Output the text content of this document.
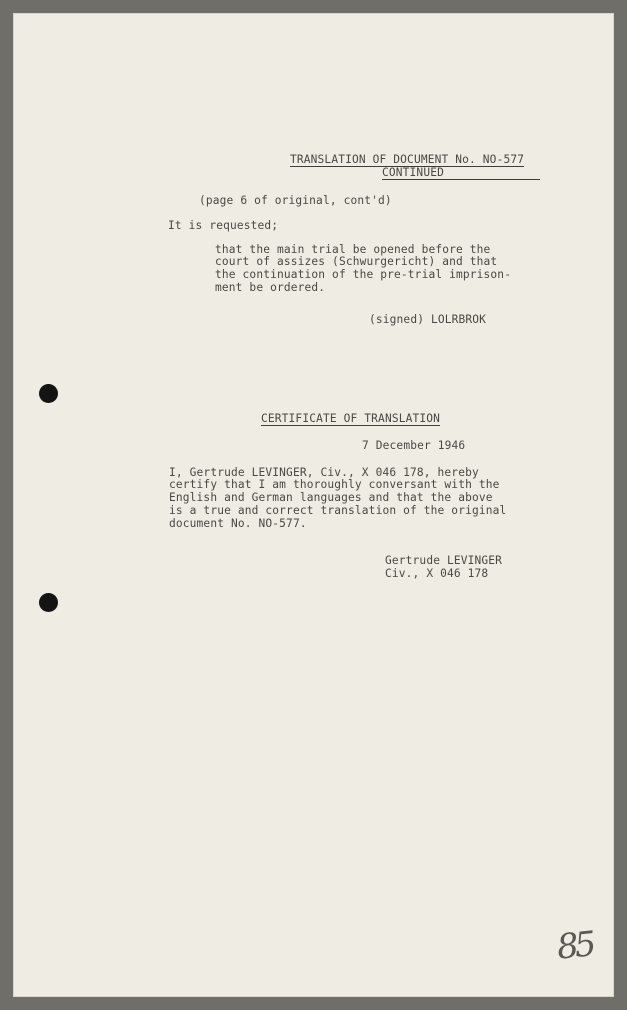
TRANSLATION OF DOCUMENT No. NO-577
CONTINUED
(page 6 of original, cont'd)
It is requested;
that the main trial be opened before the
court of assizes (Schwurgericht) and that
the continuation of the pre-trial imprison-
ment be ordered.
(signed) LOLRBROK
CERTIFICATE OF TRANSLATION
7 December 1946
I, Gertrude LEVINGER, Civ., X 046 178, hereby
certify that I am thoroughly conversant with the
English and German languages and that the above
is a true and correct translation of the original
document No. NO-577.
Gertrude LEVINGER
Civ., X 046 178
85
